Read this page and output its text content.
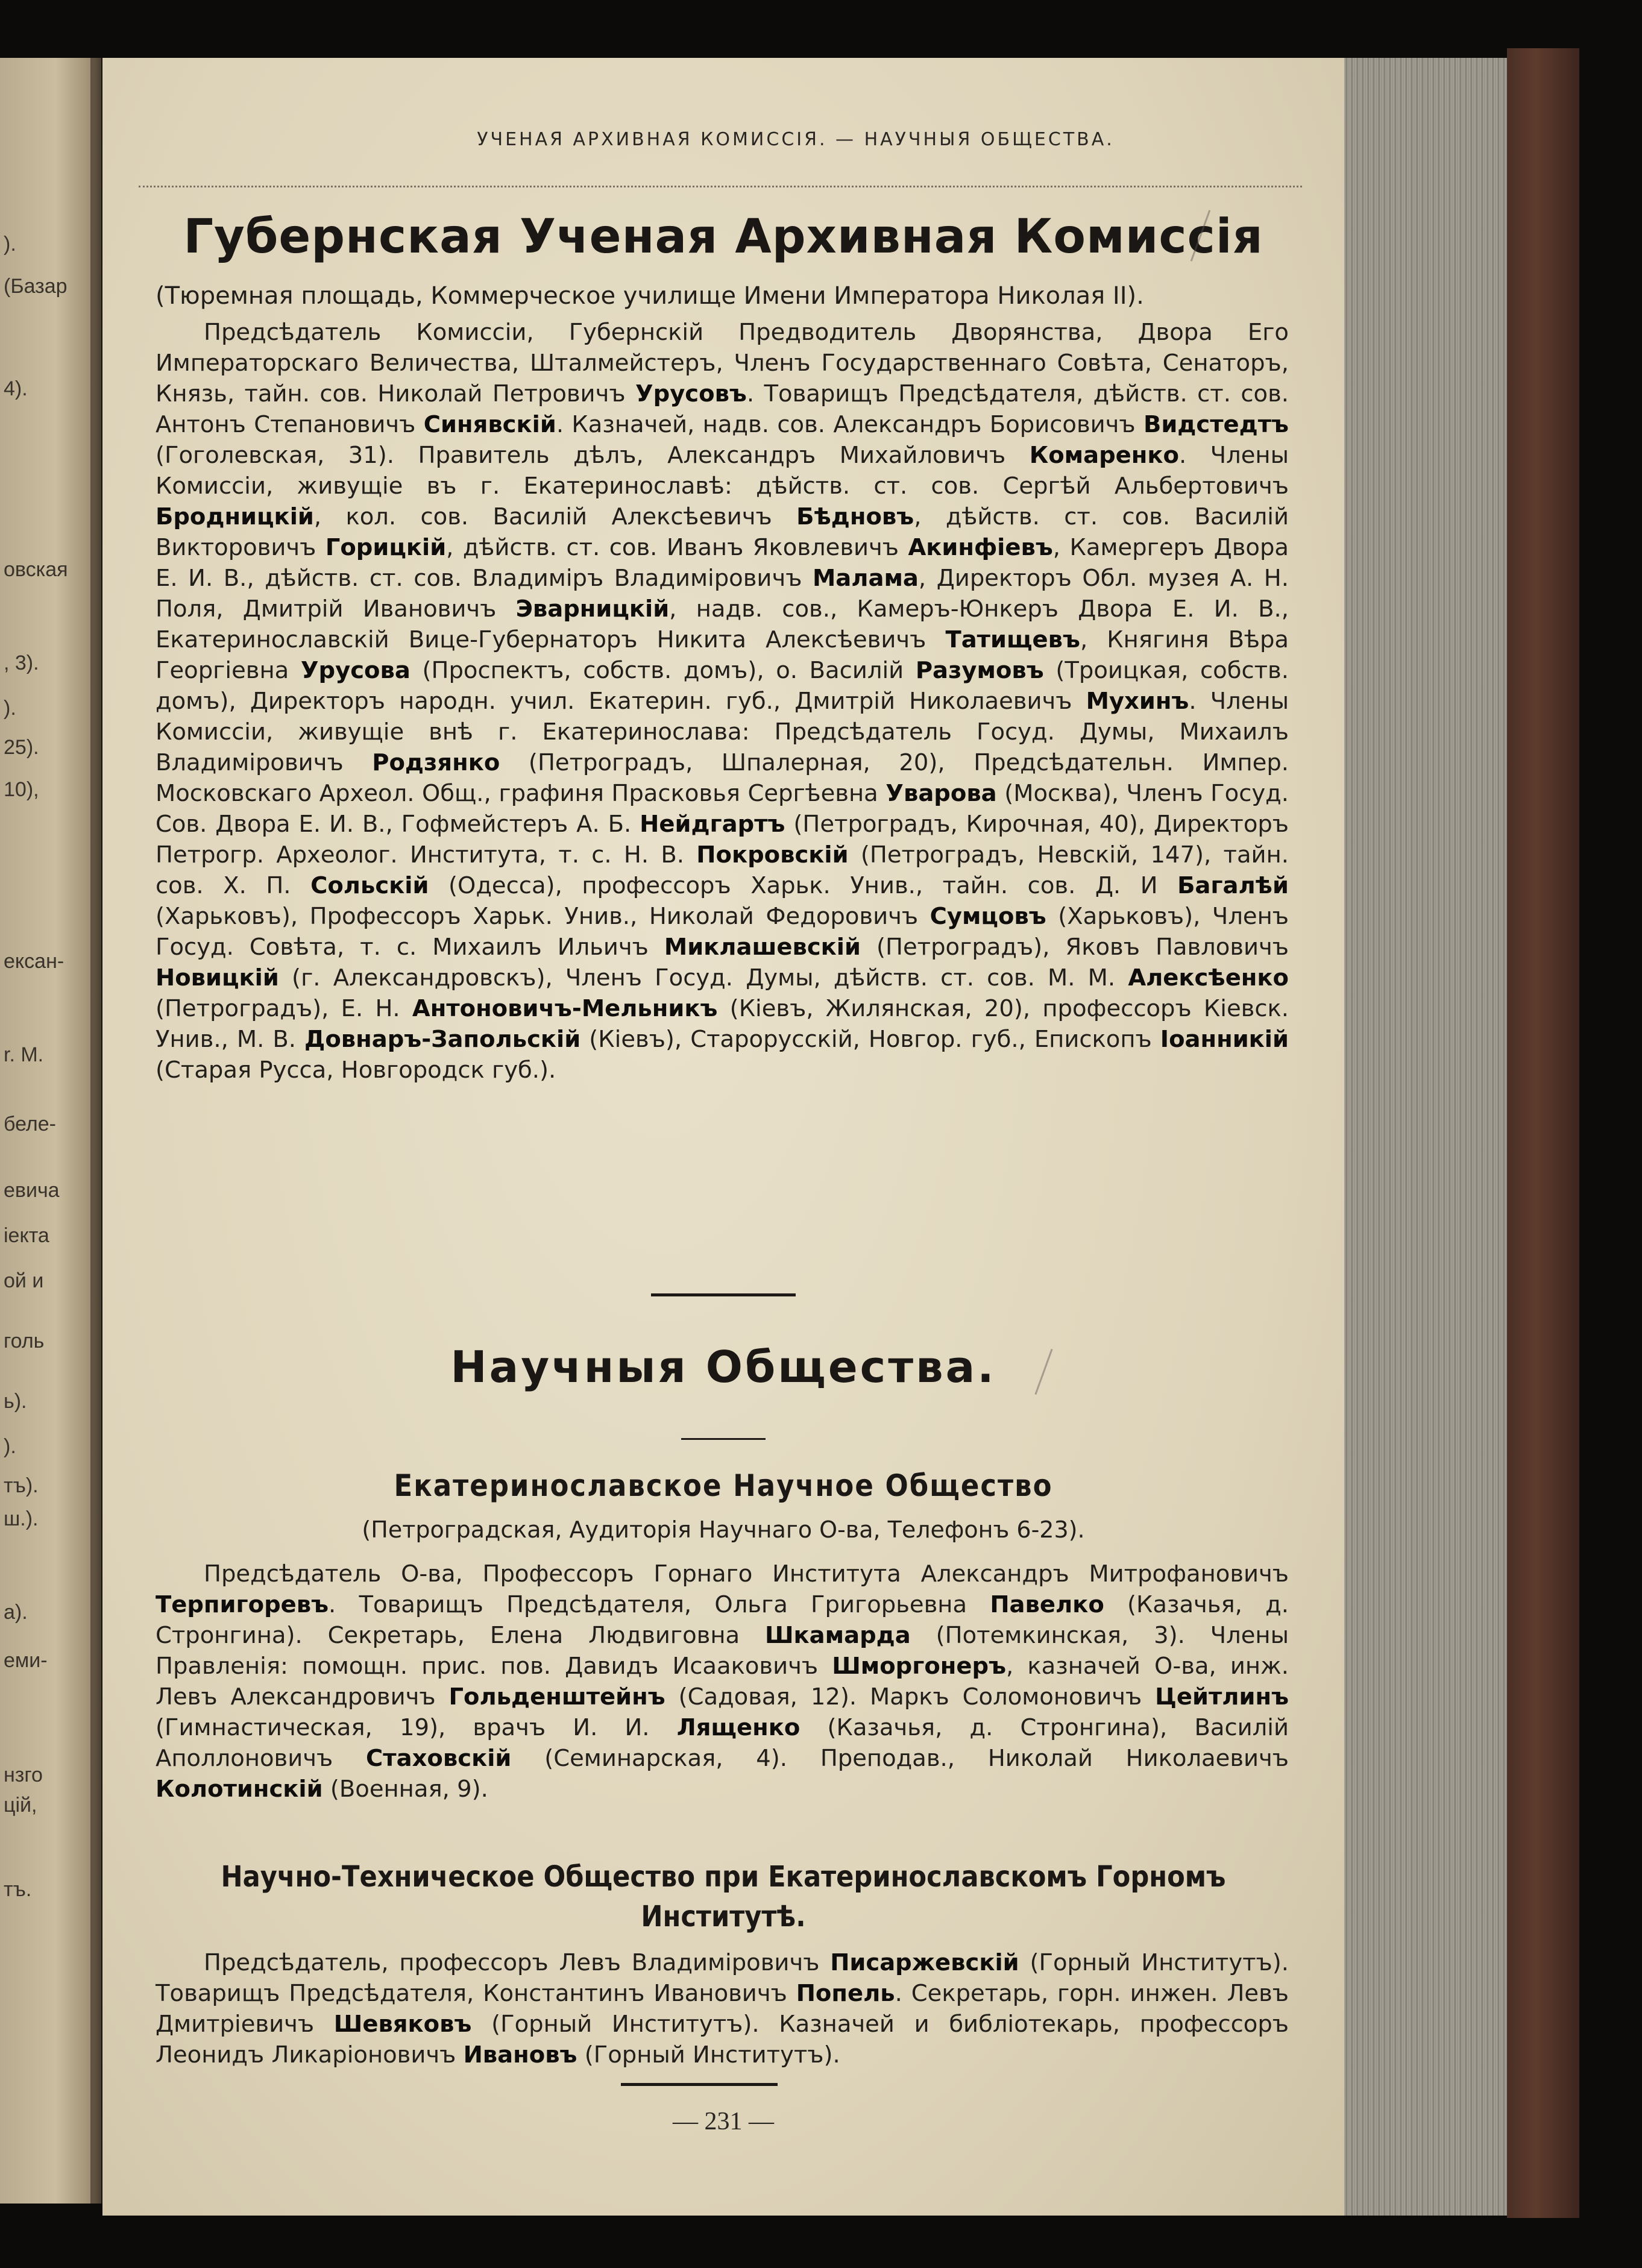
).
(Базар
4).
овская
, 3).
).
25).
10),
ексан-
r. М.
беле-
евича
іекта
ой и
голь
ь).
).
тъ).
ш.).
а).
еми-
нзго
цій,
тъ.
УЧЕНАЯ АРХИВНАЯ КОМИССІЯ. — НАУЧНЫЯ ОБЩЕСТВА.
Губернская Ученая Архивная Комиссія
(Тюремная площадь, Коммерческое училище Имени Императора Николая II).
Предсѣдатель Комиссіи, Губернскій Предводитель Дворянства, Двора Его Императорскаго Величества, Шталмейстеръ, Членъ Государственнаго Совѣта, Сенаторъ, Князь, тайн. сов. Николай Петровичъ Урусовъ. Товарищъ Предсѣдателя, дѣйств. ст. сов. Антонъ Степановичъ Синявскій. Казначей, надв. сов. Александръ Борисовичъ Видстедтъ (Гоголевская, 31). Правитель дѣлъ, Александръ Михайловичъ Комаренко. Члены Комиссіи, живущіе въ г. Екатеринославѣ: дѣйств. ст. сов. Сергѣй Альбертовичъ Бродницкій, кол. сов. Василій Алексѣевичъ Бѣдновъ, дѣйств. ст. сов. Василій Викторовичъ Горицкій, дѣйств. ст. сов. Иванъ Яковлевичъ Акинфіевъ, Камергеръ Двора Е. И. В., дѣйств. ст. сов. Владиміръ Владиміровичъ Малама, Директоръ Обл. музея А. Н. Поля, Дмитрій Ивановичъ Эварницкій, надв. сов., Камеръ-Юнкеръ Двора Е. И. В., Екатеринославскій Вице-Губернаторъ Никита Алексѣевичъ Татищевъ, Княгиня Вѣра Георгіевна Урусова (Проспектъ, собств. домъ), о. Василій Разумовъ (Троицкая, собств. домъ), Директоръ народн. учил. Екатерин. губ., Дмитрій Николаевичъ Мухинъ. Члены Комиссіи, живущіе внѣ г. Екатеринослава: Предсѣдатель Госуд. Думы, Михаилъ Владиміровичъ Родзянко (Петроградъ, Шпалерная, 20), Предсѣдательн. Импер. Московскаго Археол. Общ., графиня Прасковья Сергѣевна Уварова (Москва), Членъ Госуд. Сов. Двора Е. И. В., Гофмейстеръ А. Б. Нейдгартъ (Петроградъ, Кирочная, 40), Директоръ Петрогр. Археолог. Института, т. с. Н. В. Покровскій (Петроградъ, Невскій, 147), тайн. сов. Х. П. Сольскій (Одесса), профессоръ Харьк. Унив., тайн. сов. Д. И Багалѣй (Харьковъ), Профессоръ Харьк. Унив., Николай Федоровичъ Сумцовъ (Харьковъ), Членъ Госуд. Совѣта, т. с. Михаилъ Ильичъ Миклашевскій (Петроградъ), Яковъ Павловичъ Новицкій (г. Александровскъ), Членъ Госуд. Думы, дѣйств. ст. сов. М. М. Алексѣенко (Петроградъ), Е. Н. Антоновичъ-Мельникъ (Кіевъ, Жилянская, 20), профессоръ Кіевск. Унив., М. В. Довнаръ-Запольскій (Кіевъ), Старорусскій, Новгор. губ., Епископъ Іоанникій (Старая Русса, Новгородск губ.).
Научныя Общества.
Екатеринославское Научное Общество
(Петроградская, Аудиторія Научнаго О-ва, Телефонъ 6-23).
Предсѣдатель О-ва, Профессоръ Горнаго Института Александръ Митрофановичъ Терпигоревъ. Товарищъ Предсѣдателя, Ольга Григорьевна Павелко (Казачья, д. Стронгина). Секретарь, Елена Людвиговна Шкамарда (Потемкинская, 3). Члены Правленія: помощн. прис. пов. Давидъ Исааковичъ Шморгонеръ, казначей О-ва, инж. Левъ Александровичъ Гольденштейнъ (Садовая, 12). Маркъ Соломоновичъ Цейтлинъ (Гимнастическая, 19), врачъ И. И. Лященко (Казачья, д. Стронгина), Василій Аполлоновичъ Стаховскій (Семинарская, 4). Преподав., Николай Николаевичъ Колотинскій (Военная, 9).
Научно-Техническое Общество при Екатеринославскомъ Горномъ Институтѣ.
Предсѣдатель, профессоръ Левъ Владиміровичъ Писаржевскій (Горный Институтъ). Товарищъ Предсѣдателя, Константинъ Ивановичъ Попель. Секретарь, горн. инжен. Левъ Дмитріевичъ Шевяковъ (Горный Институтъ). Казначей и библіотекарь, профессоръ Леонидъ Ликаріоновичъ Ивановъ (Горный Институтъ).
— 231 —
